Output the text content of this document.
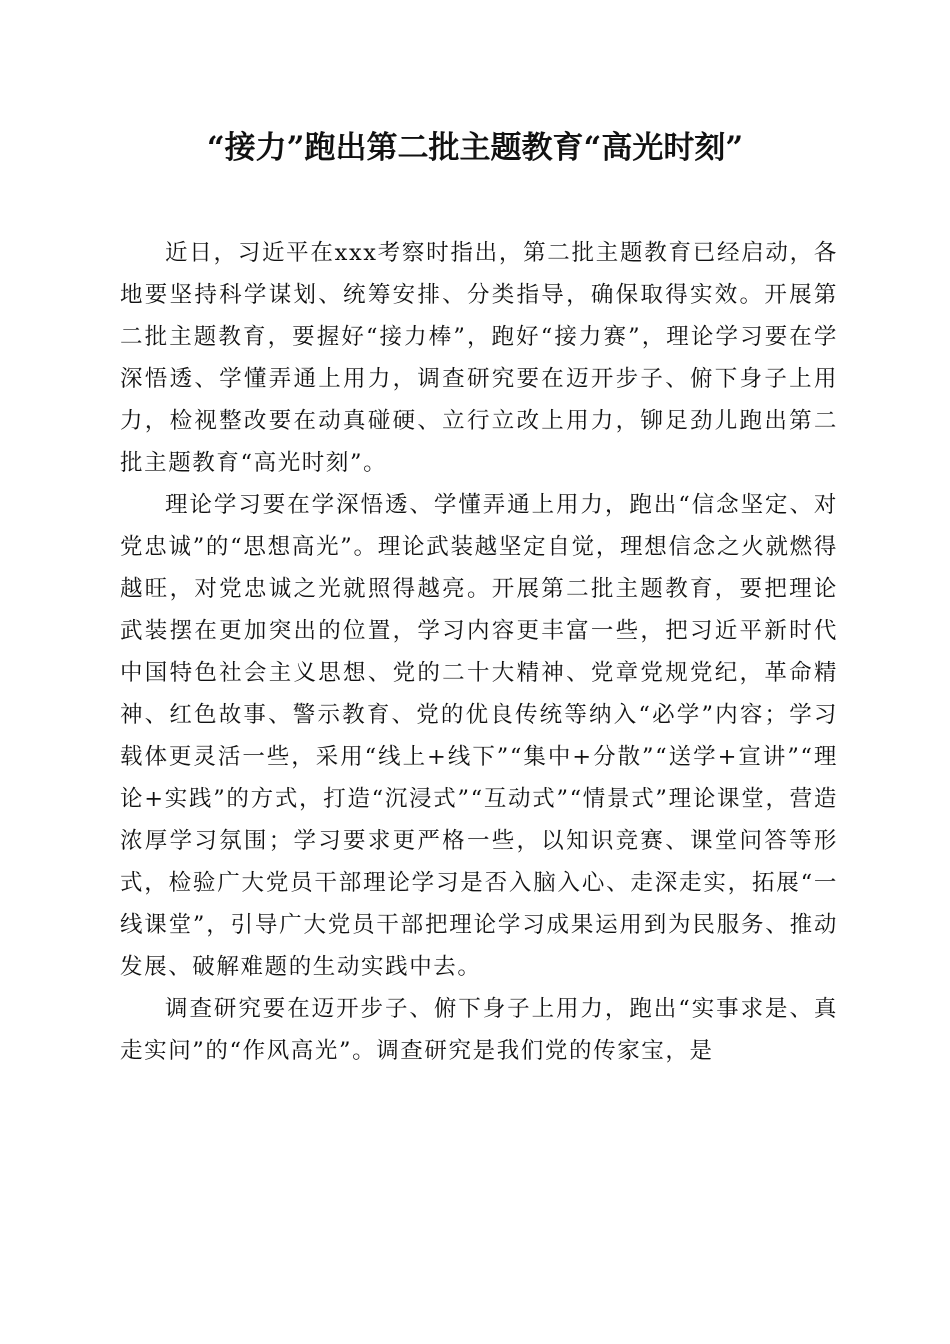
“接力”跑出第二批主题教育“高光时刻”

近日，习近平在xxx考察时指出，第二批主题教育已经启动，各地要坚持科学谋划、统筹安排、分类指导，确保取得实效。开展第二批主题教育，要握好“接力棒”，跑好“接力赛”，理论学习要在学深悟透、学懂弄通上用力，调查研究要在迈开步子、俯下身子上用力，检视整改要在动真碰硬、立行立改上用力，铆足劲儿跑出第二批主题教育“高光时刻”。

理论学习要在学深悟透、学懂弄通上用力，跑出“信念坚定、对党忠诚”的“思想高光”。理论武装越坚定自觉，理想信念之火就燃得越旺，对党忠诚之光就照得越亮。开展第二批主题教育，要把理论武装摆在更加突出的位置，学习内容更丰富一些，把习近平新时代中国特色社会主义思想、党的二十大精神、党章党规党纪，革命精神、红色故事、警示教育、党的优良传统等纳入“必学”内容；学习载体更灵活一些，采用“线上+线下”“集中+分散”“送学+宣讲”“理论+实践”的方式，打造“沉浸式”“互动式”“情景式”理论课堂，营造浓厚学习氛围；学习要求更严格一些，以知识竞赛、课堂问答等形式，检验广大党员干部理论学习是否入脑入心、走深走实，拓展“一线课堂”，引导广大党员干部把理论学习成果运用到为民服务、推动发展、破解难题的生动实践中去。

调查研究要在迈开步子、俯下身子上用力，跑出“实事求是、真走实问”的“作风高光”。调查研究是我们党的传家宝，是
